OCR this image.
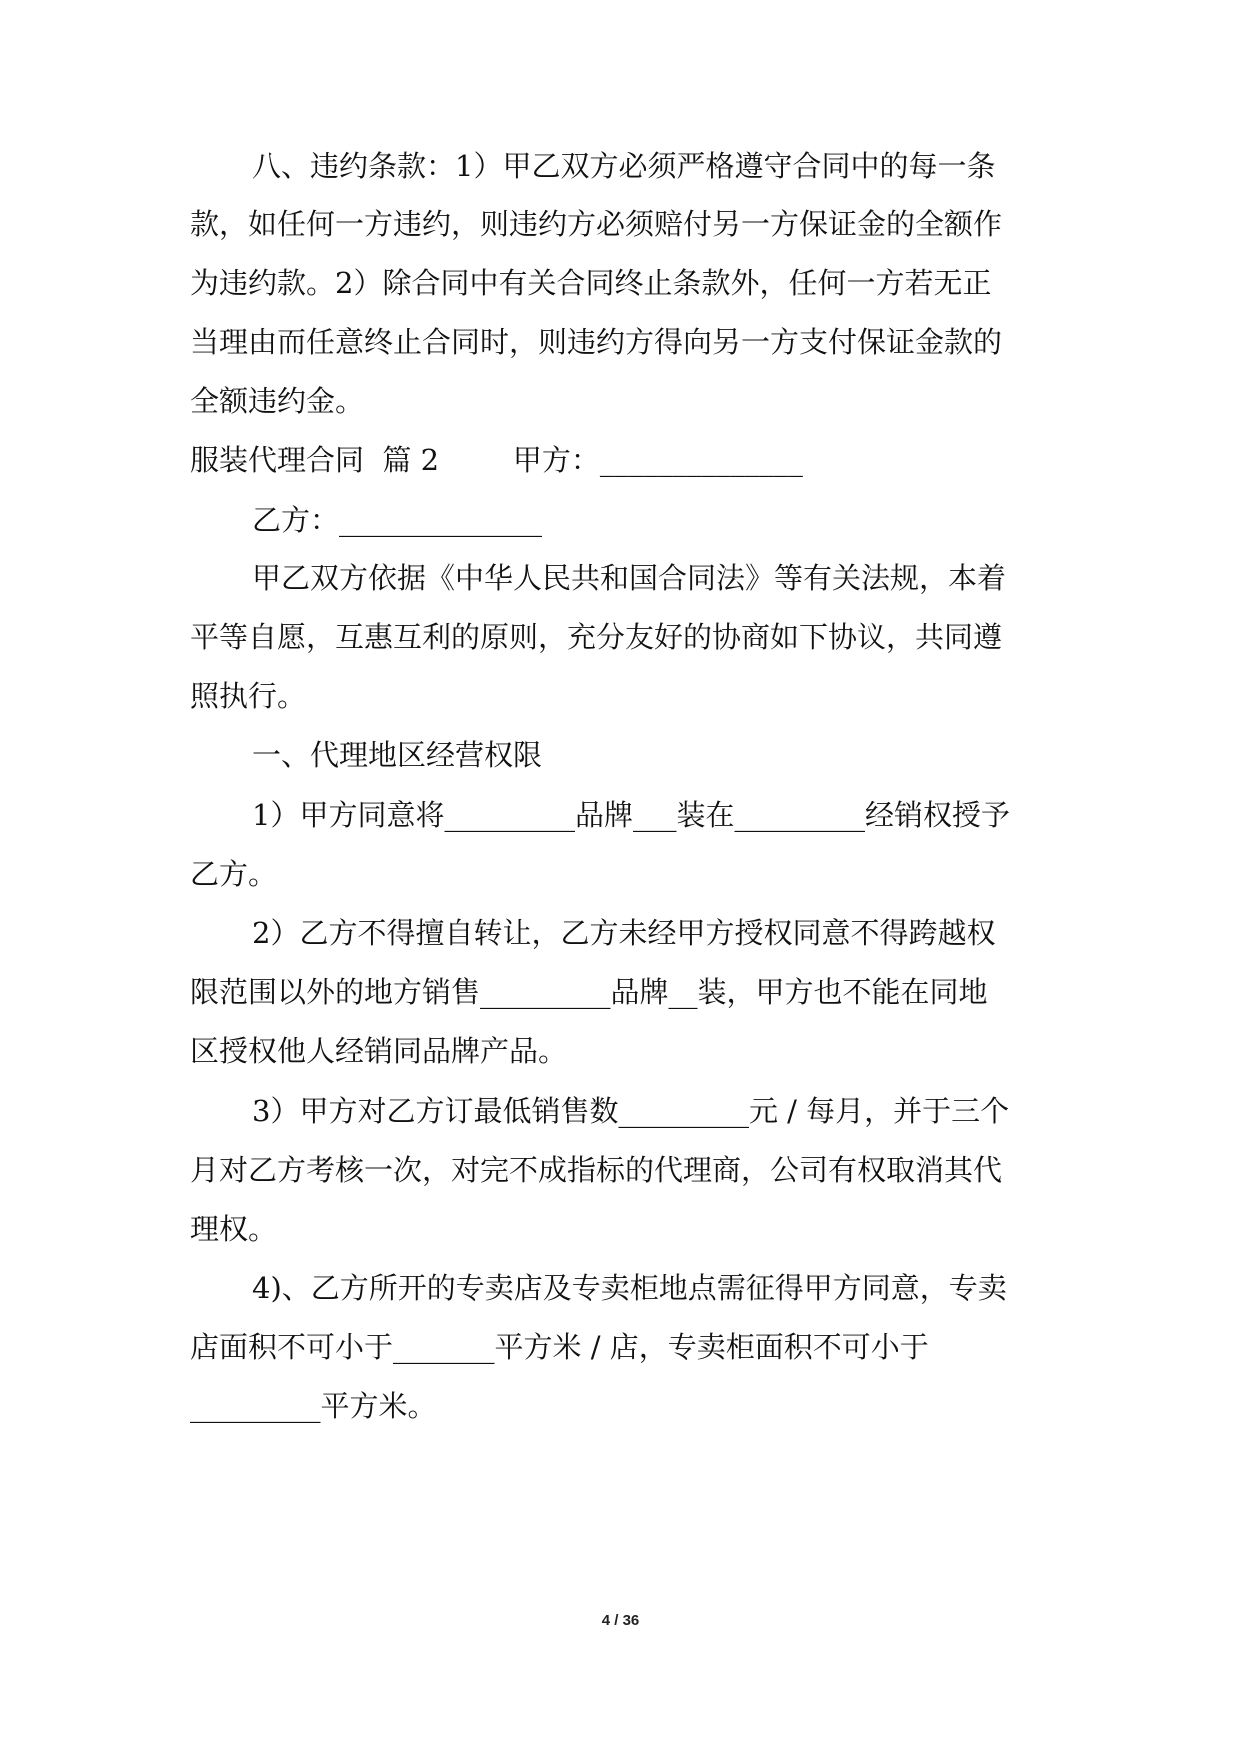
八、违约条款：1）甲乙双方必须严格遵守合同中的每一条
款，如任何一方违约，则违约方必须赔付另一方保证金的全额作
为违约款。2）除合同中有关合同终止条款外，任何一方若无正
当理由而任意终止合同时，则违约方得向另一方支付保证金款的
全额违约金。
服装代理合同  篇 2        甲方：______________
乙方：______________
甲乙双方依据《中华人民共和国合同法》等有关法规，本着
平等自愿，互惠互利的原则，充分友好的协商如下协议，共同遵
照执行。
一、代理地区经营权限
1）甲方同意将_________品牌___装在_________经销权授予
乙方。
2）乙方不得擅自转让，乙方未经甲方授权同意不得跨越权
限范围以外的地方销售_________品牌__装，甲方也不能在同地
区授权他人经销同品牌产品。
3）甲方对乙方订最低销售数_________元 / 每月，并于三个
月对乙方考核一次，对完不成指标的代理商，公司有权取消其代
理权。
4)、乙方所开的专卖店及专卖柜地点需征得甲方同意，专卖
店面积不可小于_______平方米 / 店，专卖柜面积不可小于
_________平方米。
4 / 36
